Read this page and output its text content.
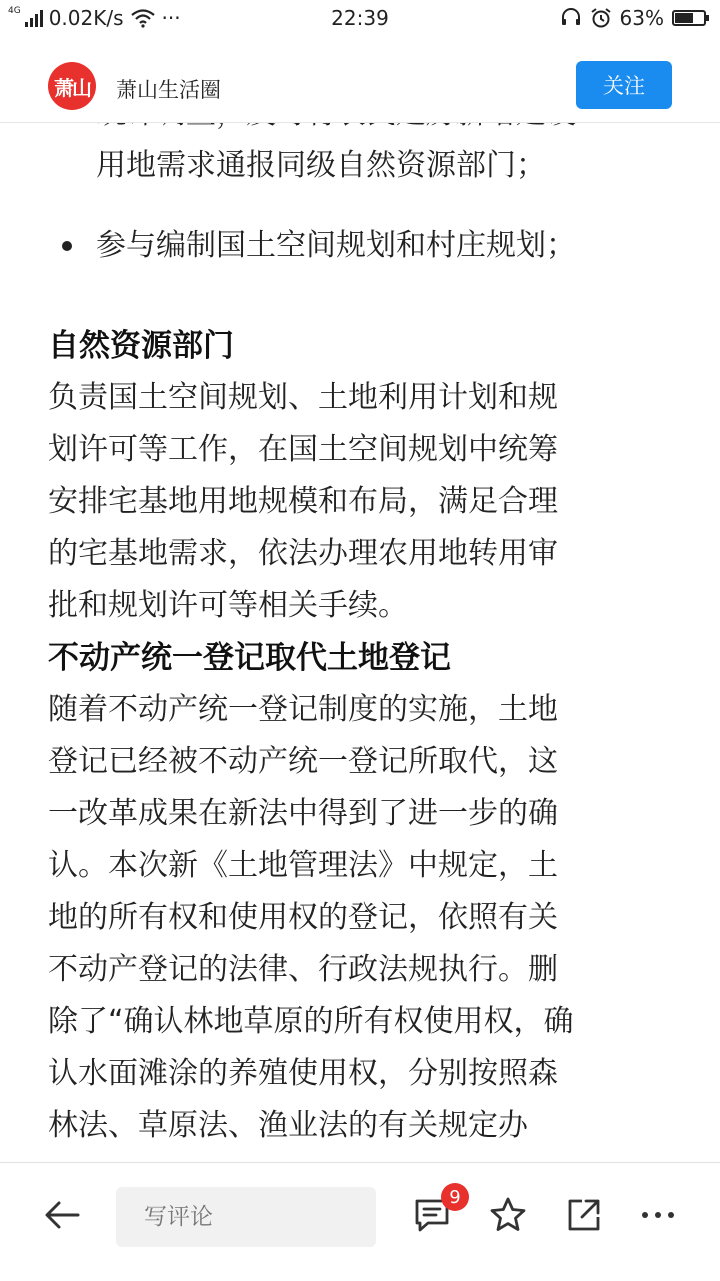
4G 0.02K/s ···	22:39	63%
萧山 萧山生活圈	关注
用地需求通报同级自然资源部门；
参与编制国土空间规划和村庄规划；
自然资源部门
负责国土空间规划、土地利用计划和规
划许可等工作，在国土空间规划中统筹
安排宅基地用地规模和布局，满足合理
的宅基地需求，依法办理农用地转用审
批和规划许可等相关手续。
不动产统一登记取代土地登记
随着不动产统一登记制度的实施，土地
登记已经被不动产统一登记所取代，这
一改革成果在新法中得到了进一步的确
认。本次新《土地管理法》中规定，土
地的所有权和使用权的登记，依照有关
不动产登记的法律、行政法规执行。删
除了“确认林地草原的所有权使用权，确
认水面滩涂的养殖使用权，分别按照森
林法、草原法、渔业法的有关规定办
写评论
9
